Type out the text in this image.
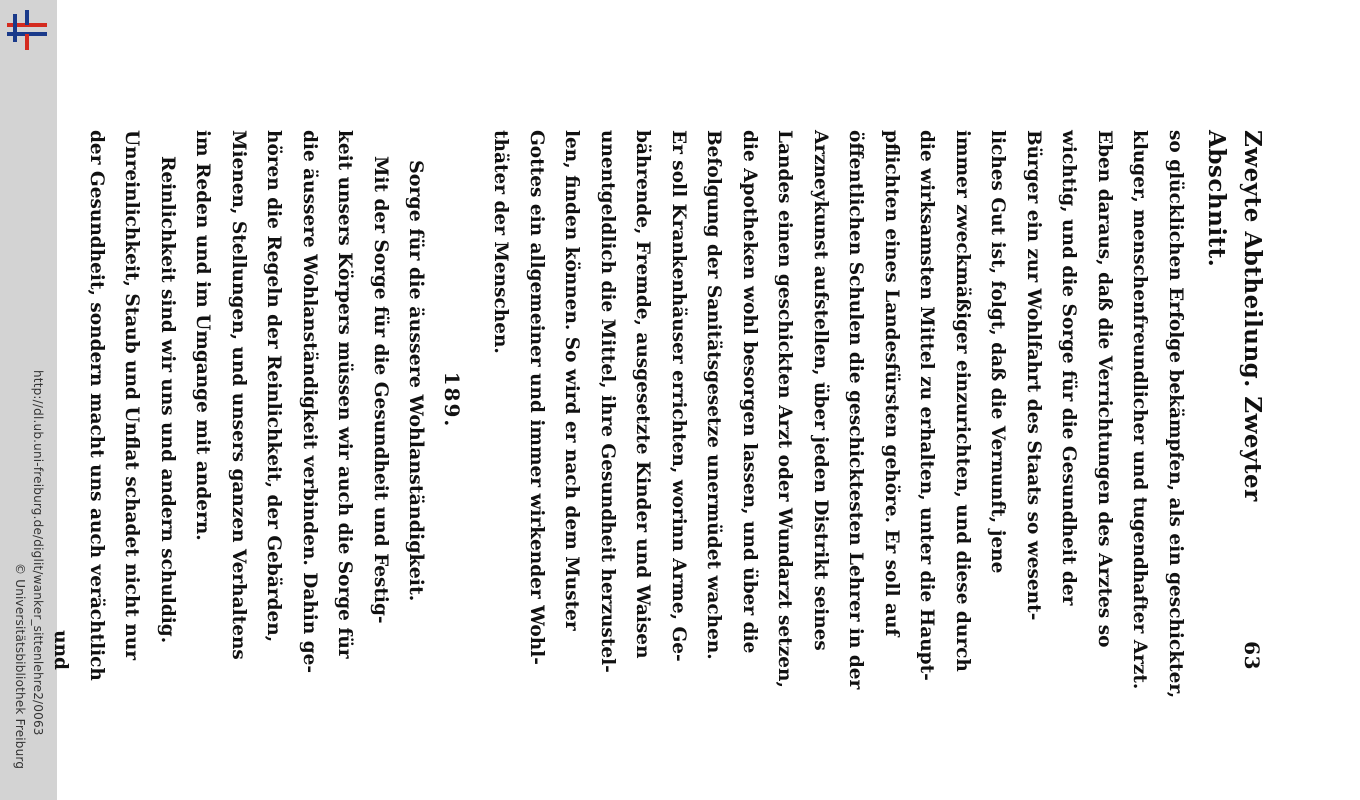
http://dl.ub.uni-freiburg.de/diglit/wanker_sittenlehre2/0063
© Universitätsbibliothek Freiburg
Zweyte Abtheilung. Zweyter Abschnitt.
63
so glücklichen Erfolge bekämpfen, als ein geschickter,
kluger, menschenfreundlicher und tugendhafter Arzt.
Eben daraus, daß die Verrichtungen des Arztes so
wichtig, und die Sorge für die Gesundheit der
Bürger ein zur Wohlfahrt des Staats so wesent-
liches Gut ist, folgt, daß die Vernunft, jene
immer zweckmäßiger einzurichten, und diese durch
die wirksamsten Mittel zu erhalten, unter die Haupt-
pflichten eines Landesfürsten gehöre. Er soll auf
öffentlichen Schulen die geschicktesten Lehrer in der
Arzneykunst aufstellen, über jeden Distrikt seines
Landes einen geschickten Arzt oder Wundarzt setzen,
die Apotheken wohl besorgen lassen, und über die
Befolgung der Sanitätsgesetze unermüdet wachen.
Er soll Krankenhäuser errichten, worinn Arme, Ge-
bährende, Fremde, ausgesetzte Kinder und Waisen
unentgeldlich die Mittel, ihre Gesundheit herzustel-
len, finden können. So wird er nach dem Muster
Gottes ein allgemeiner und immer wirkender Wohl-
thäter der Menschen.
189.
Sorge für die äussere Wohlanständigkeit.
Mit der Sorge für die Gesundheit und Festig-
keit unsers Körpers müssen wir auch die Sorge für
die äussere Wohlanständigkeit verbinden. Dahin ge-
hören die Regeln der Reinlichkeit, der Gebärden,
Mienen, Stellungen, und unsers ganzen Verhaltens
im Reden und im Umgange mit andern.
Reinlichkeit sind wir uns und andern schuldig.
Unreinlichkeit, Staub und Unflat schadet nicht nur
der Gesundheit, sondern macht uns auch verächtlich
und
